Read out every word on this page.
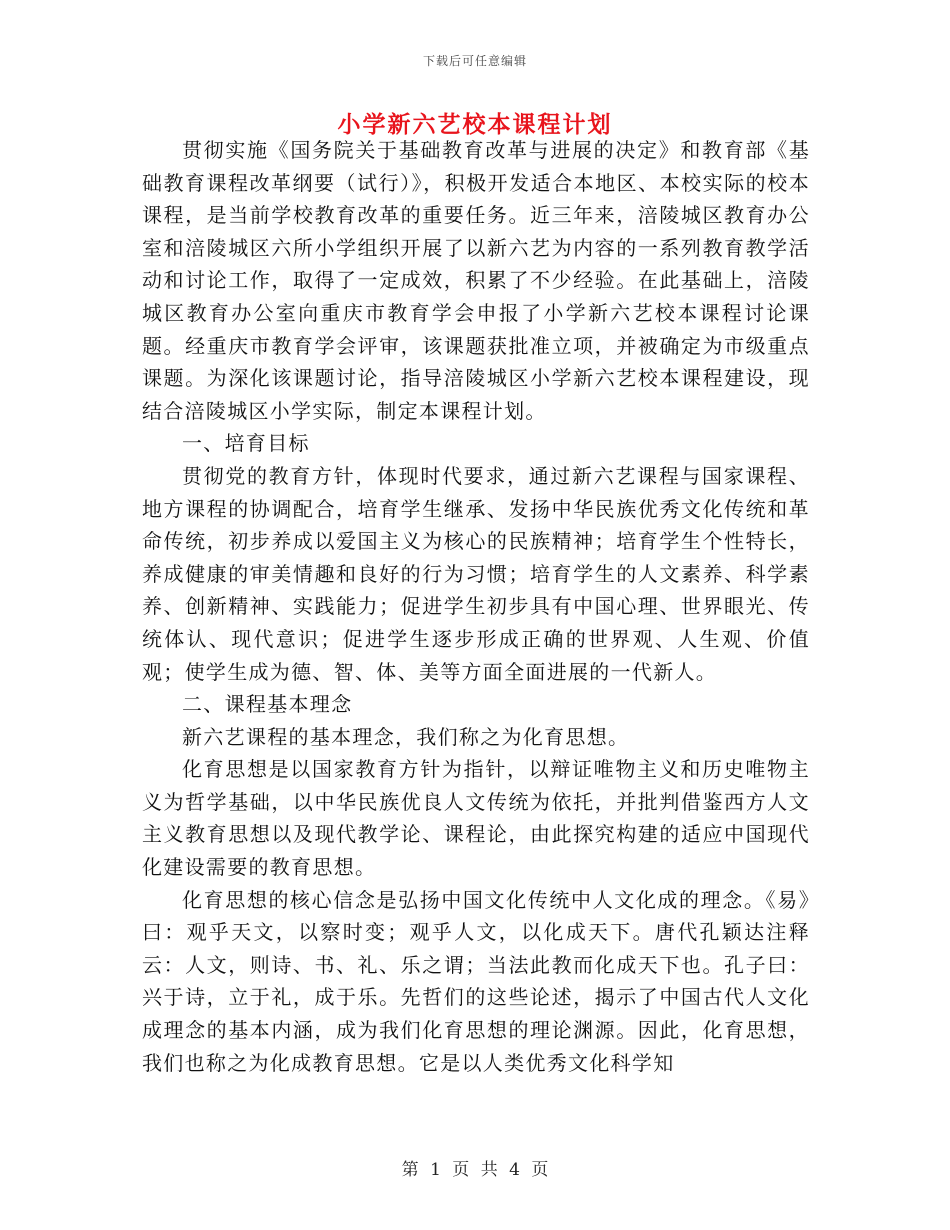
下载后可任意编辑
小学新六艺校本课程计划

贯彻实施《国务院关于基础教育改革与进展的决定》和教育部《基础教育课程改革纲要（试行）》，积极开发适合本地区、本校实际的校本课程，是当前学校教育改革的重要任务。近三年来，涪陵城区教育办公室和涪陵城区六所小学组织开展了以新六艺为内容的一系列教育教学活动和讨论工作，取得了一定成效，积累了不少经验。在此基础上，涪陵城区教育办公室向重庆市教育学会申报了小学新六艺校本课程讨论课题。经重庆市教育学会评审，该课题获批准立项，并被确定为市级重点课题。为深化该课题讨论，指导涪陵城区小学新六艺校本课程建设，现结合涪陵城区小学实际，制定本课程计划。

一、培育目标

贯彻党的教育方针，体现时代要求，通过新六艺课程与国家课程、地方课程的协调配合，培育学生继承、发扬中华民族优秀文化传统和革命传统，初步养成以爱国主义为核心的民族精神；培育学生个性特长，养成健康的审美情趣和良好的行为习惯；培育学生的人文素养、科学素养、创新精神、实践能力；促进学生初步具有中国心理、世界眼光、传统体认、现代意识；促进学生逐步形成正确的世界观、人生观、价值观；使学生成为德、智、体、美等方面全面进展的一代新人。

二、课程基本理念

新六艺课程的基本理念，我们称之为化育思想。

化育思想是以国家教育方针为指针，以辩证唯物主义和历史唯物主义为哲学基础，以中华民族优良人文传统为依托，并批判借鉴西方人文主义教育思想以及现代教学论、课程论，由此探究构建的适应中国现代化建设需要的教育思想。

化育思想的核心信念是弘扬中国文化传统中人文化成的理念。《易》曰：观乎天文，以察时变；观乎人文，以化成天下。唐代孔颖达注释云：人文，则诗、书、礼、乐之谓；当法此教而化成天下也。孔子曰：兴于诗，立于礼，成于乐。先哲们的这些论述，揭示了中国古代人文化成理念的基本内涵，成为我们化育思想的理论渊源。因此，化育思想，我们也称之为化成教育思想。它是以人类优秀文化科学知

第 1 页 共 4 页
